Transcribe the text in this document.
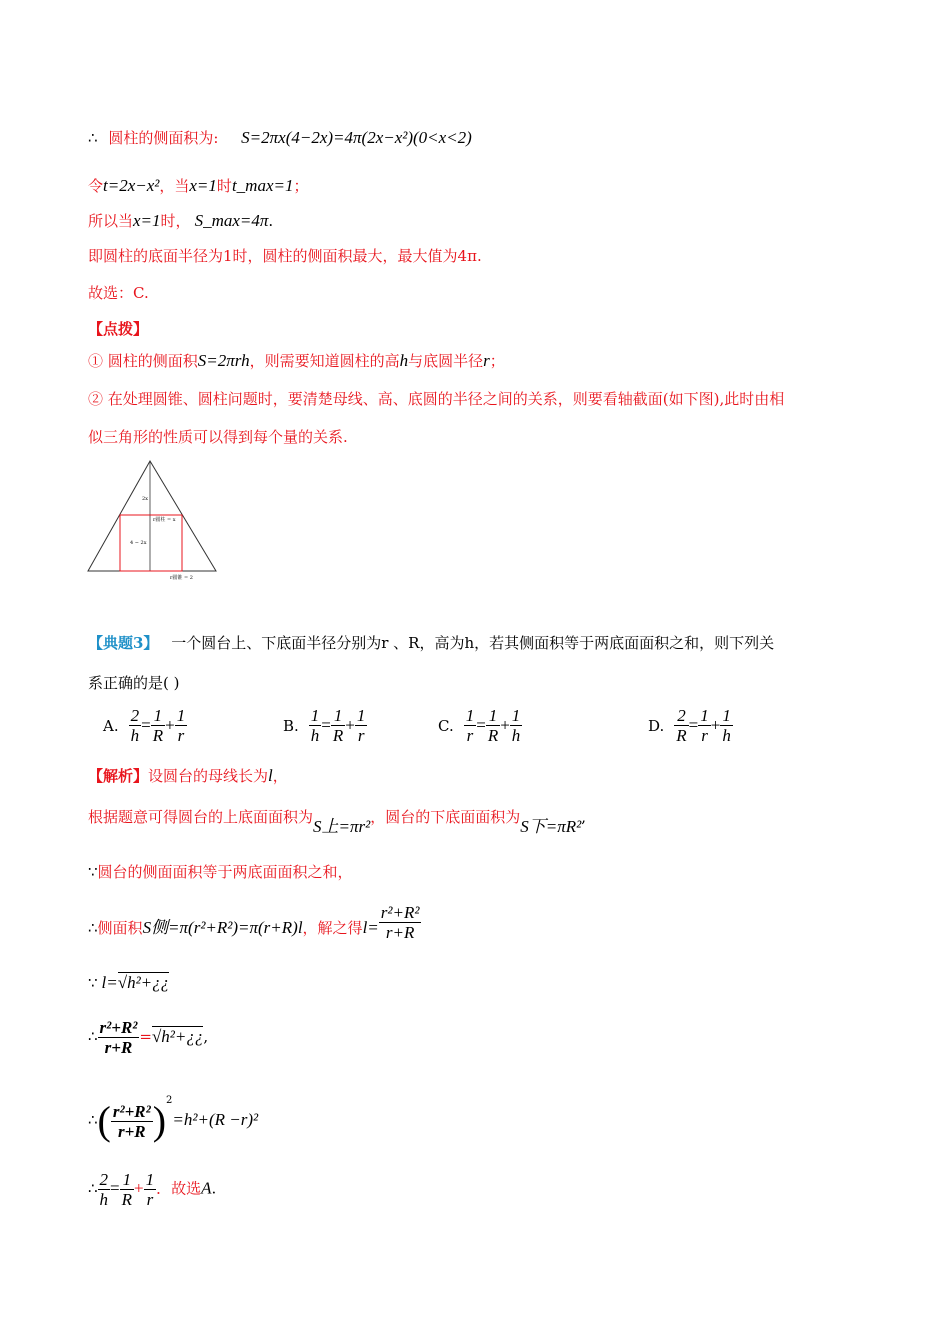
∴ 圆柱的侧面积为: S=2πx(4−2x)=4π(2x−x²)(0<x<2)
令t=2x−x²，当x=1时t_max=1；
所以当x=1时， S_max=4π.
即圆柱的底面半径为1时，圆柱的侧面积最大，最大值为4π.
故选：C.
【点拨】
① 圆柱的侧面积S=2πrh，则需要知道圆柱的高h与底圆半径r；
② 在处理圆锥、圆柱问题时，要清楚母线、高、底圆的半径之间的关系，则要看轴截面(如下图),此时由相
似三角形的性质可以得到每个量的关系.
2x
4 − 2x
r圆柱 = x
r圆锥 = 2
【典题3】 一个圆台上、下底面半径分别为r 、R，高为h，若其侧面积等于两底面面积之和，则下列关
系正确的是( )
A. $\frac{2}{h} = \frac{1}{R} + \frac{1}{r}$	B. $\frac{1}{h} = \frac{1}{R} + \frac{1}{r}$	C. $\frac{1}{r} = \frac{1}{R} + \frac{1}{h}$	D. $\frac{2}{R} = \frac{1}{r} + \frac{1}{h}$
【解析】设圆台的母线长为l，
根据题意可得圆台的上底面面积为S上=πr²，圆台的下底面面积为S下=πR²,
∵圆台的侧面面积等于两底面面积之和，
∴侧面积S侧=π(r²+R²)=π(r+R)l，解之得$l= \frac{\text{r²+R²}}{r+R}$
∵ l=√h²+¿¿
∴ $\frac{\text{r²+R²}}{r+R}$ =√h²+¿¿,
∴( $\frac{\text{r²+R²}}{r+R} )^2=h^2+(R -r)^2$
∴ $\frac{2}{h} = \frac{1}{R} + \frac{1}{r}$ ．故选A.
